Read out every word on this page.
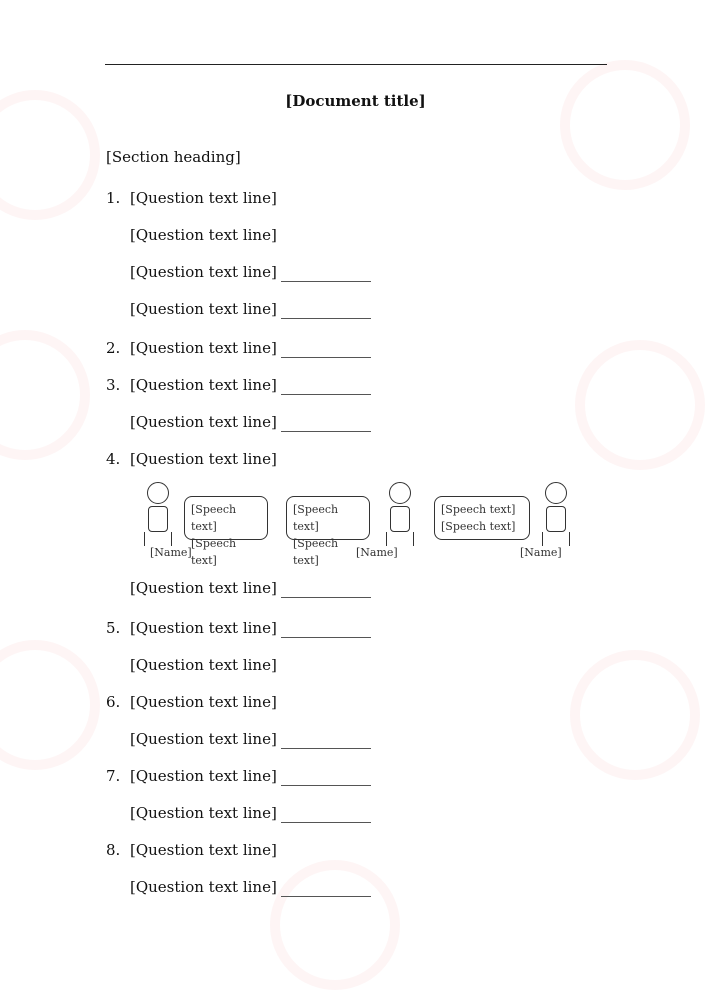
[Document title]
[Section heading]
1. [Question text line]
[Question text line]
[Question text line]
[Question text line]
2. [Question text line]
3. [Question text line]
[Question text line]
4. [Question text line]
[Speech text]
[Speech text]
[Name]
[Speech text]
[Speech text]
[Name]
[Speech text]
[Speech text]
[Name]
[Question text line]
5. [Question text line]
[Question text line]
6. [Question text line]
[Question text line]
7. [Question text line]
[Question text line]
8. [Question text line]
[Question text line]
